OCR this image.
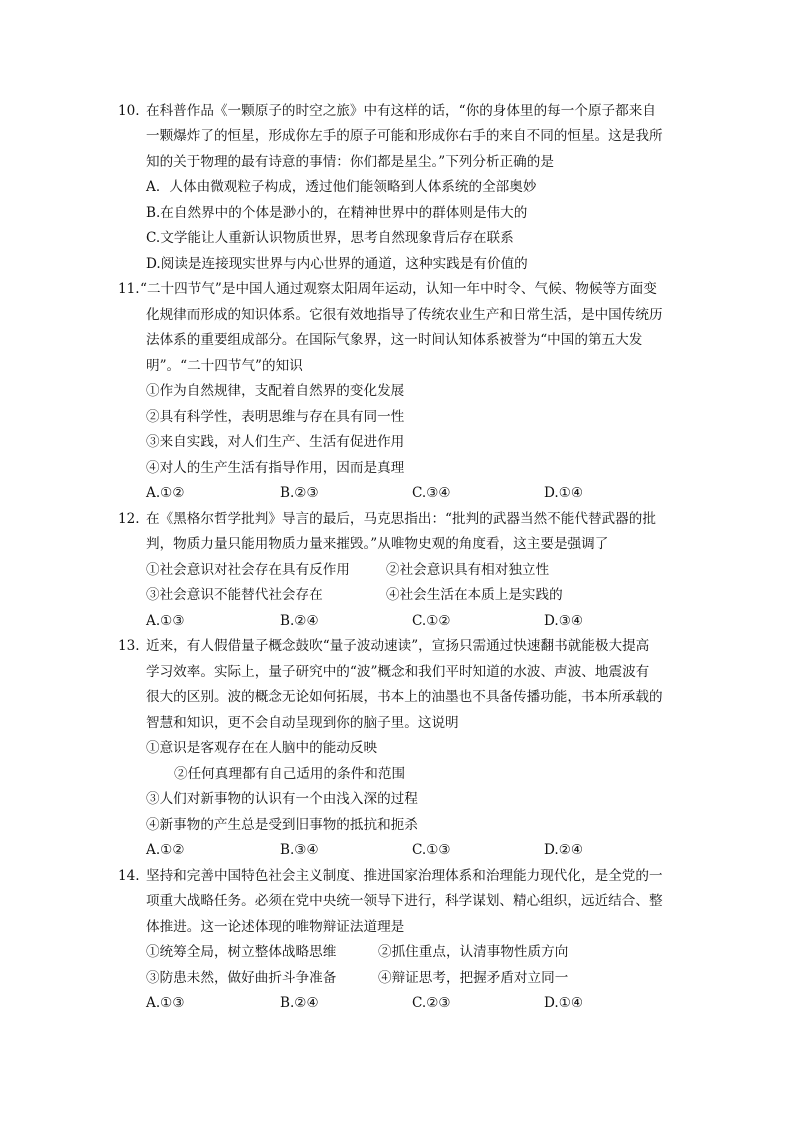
10. 在科普作品《一颗原子的时空之旅》中有这样的话，“你的身体里的每一个原子都来自
一颗爆炸了的恒星，形成你左手的原子可能和形成你右手的来自不同的恒星。这是我所
知的关于物理的最有诗意的事情：你们都是星尘。”下列分析正确的是
A．人体由微观粒子构成，透过他们能领略到人体系统的全部奥妙
B.在自然界中的个体是渺小的，在精神世界中的群体则是伟大的
C.文学能让人重新认识物质世界，思考自然现象背后存在联系
D.阅读是连接现实世界与内心世界的通道，这种实践是有价值的
11. “二十四节气”是中国人通过观察太阳周年运动，认知一年中时令、气候、物候等方面变
化规律而形成的知识体系。它很有效地指导了传统农业生产和日常生活，是中国传统历
法体系的重要组成部分。在国际气象界，这一时间认知体系被誉为“中国的第五大发
明”。“二十四节气”的知识
①作为自然规律，支配着自然界的变化发展
②具有科学性，表明思维与存在具有同一性
③来自实践，对人们生产、生活有促进作用
④对人的生产生活有指导作用，因而是真理
A.①②	B.②③	C.③④	D.①④
12. 在《黑格尔哲学批判》导言的最后，马克思指出：“批判的武器当然不能代替武器的批
判，物质力量只能用物质力量来摧毁。”从唯物史观的角度看，这主要是强调了
①社会意识对社会存在具有反作用	②社会意识具有相对独立性
③社会意识不能替代社会存在	④社会生活在本质上是实践的
A.①③	B.②④	C.①②	D.③④
13. 近来，有人假借量子概念鼓吹“量子波动速读”，宣扬只需通过快速翻书就能极大提高
学习效率。实际上，量子研究中的“波”概念和我们平时知道的水波、声波、地震波有
很大的区别。波的概念无论如何拓展，书本上的油墨也不具备传播功能，书本所承载的
智慧和知识，更不会自动呈现到你的脑子里。这说明
①意识是客观存在在人脑中的能动反映
②任何真理都有自己适用的条件和范围
③人们对新事物的认识有一个由浅入深的过程
④新事物的产生总是受到旧事物的抵抗和扼杀
A.①②	B.③④	C.①③	D.②④
14. 坚持和完善中国特色社会主义制度、推进国家治理体系和治理能力现代化，是全党的一
项重大战略任务。必须在党中央统一领导下进行，科学谋划、精心组织，远近结合、整
体推进。这一论述体现的唯物辩证法道理是
①统筹全局，树立整体战略思维	②抓住重点，认清事物性质方向
③防患未然，做好曲折斗争准备	④辩证思考，把握矛盾对立同一
A.①③	B.②④	C.②③	D.①④
